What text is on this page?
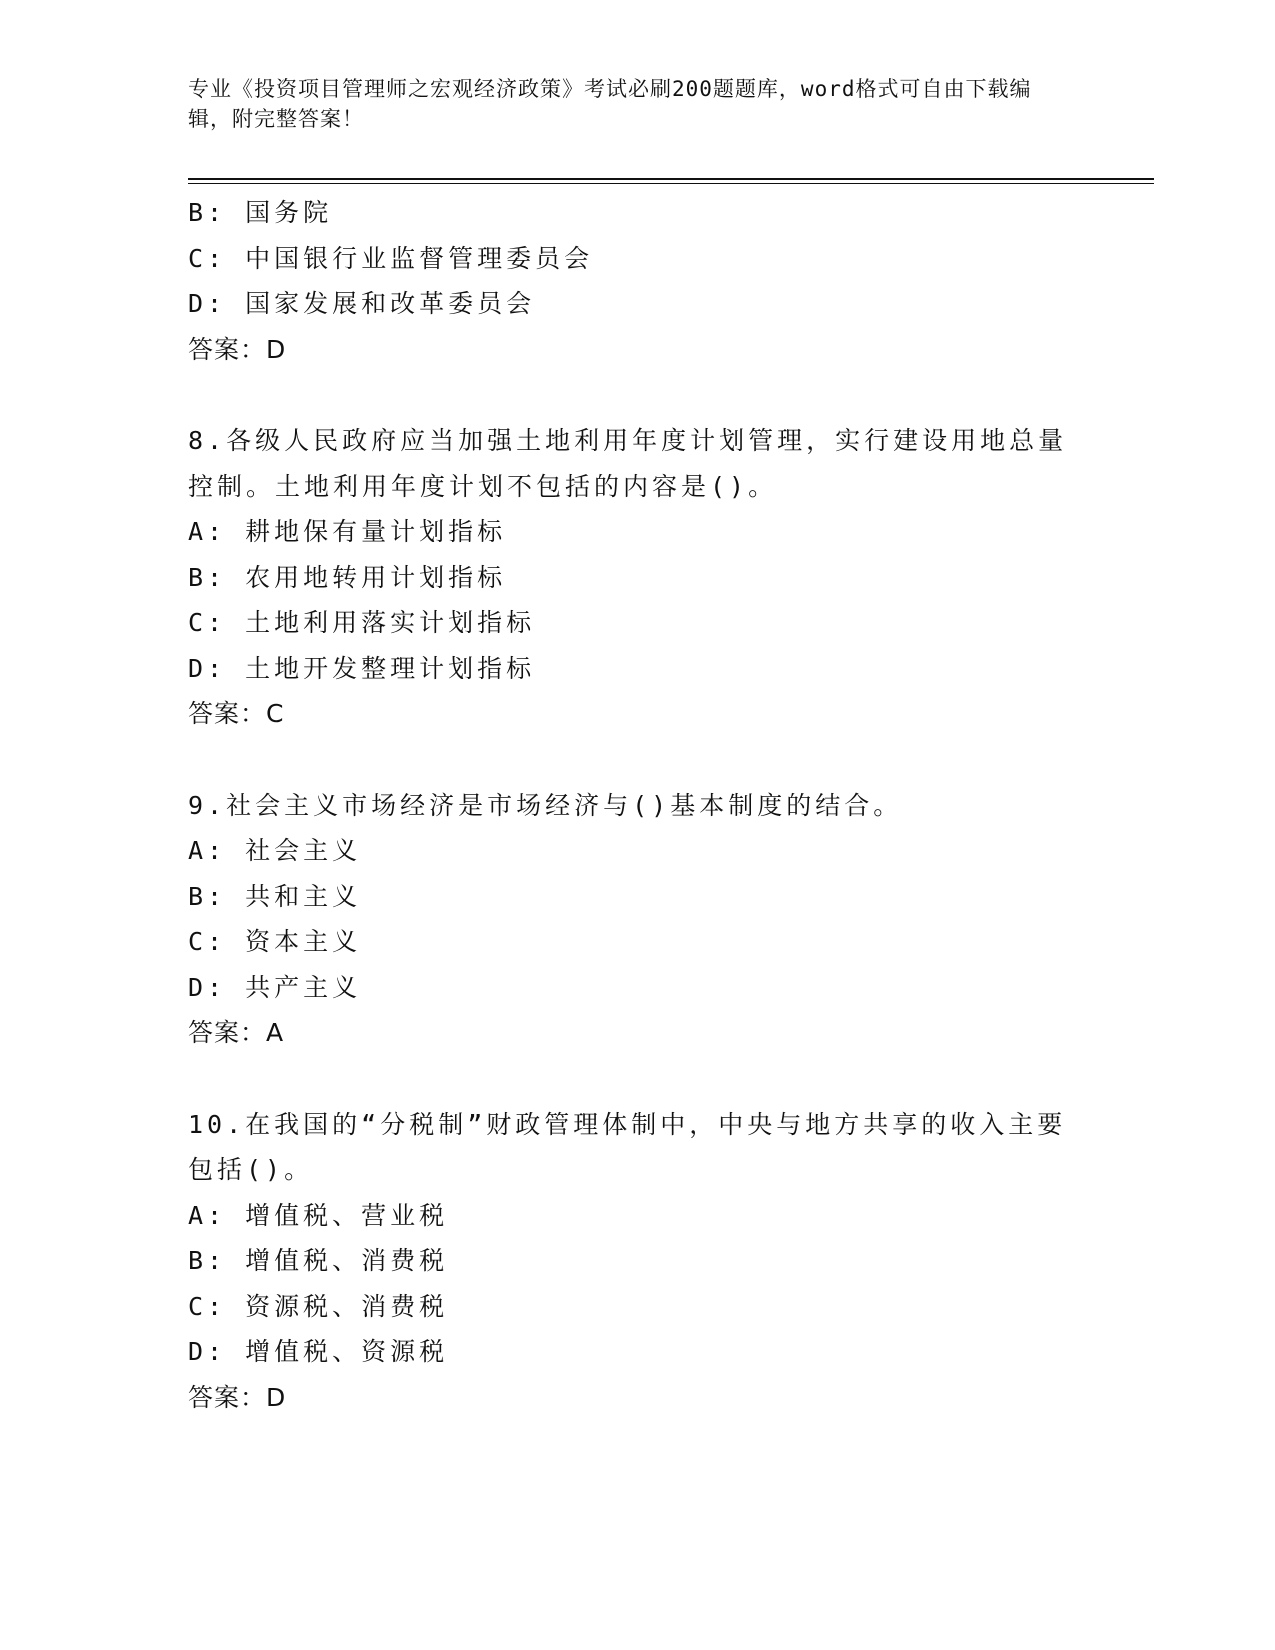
专业《投资项目管理师之宏观经济政策》考试必刷200题题库，word格式可自由下载编辑，附完整答案！
B: 国务院
C: 中国银行业监督管理委员会
D: 国家发展和改革委员会
答案：D
8.各级人民政府应当加强土地利用年度计划管理，实行建设用地总量
控制。土地利用年度计划不包括的内容是()。
A: 耕地保有量计划指标
B: 农用地转用计划指标
C: 土地利用落实计划指标
D: 土地开发整理计划指标
答案：C
9.社会主义市场经济是市场经济与()基本制度的结合。
A: 社会主义
B: 共和主义
C: 资本主义
D: 共产主义
答案：A
10.在我国的“分税制”财政管理体制中，中央与地方共享的收入主要
包括()。
A: 增值税、营业税
B: 增值税、消费税
C: 资源税、消费税
D: 增值税、资源税
答案：D
